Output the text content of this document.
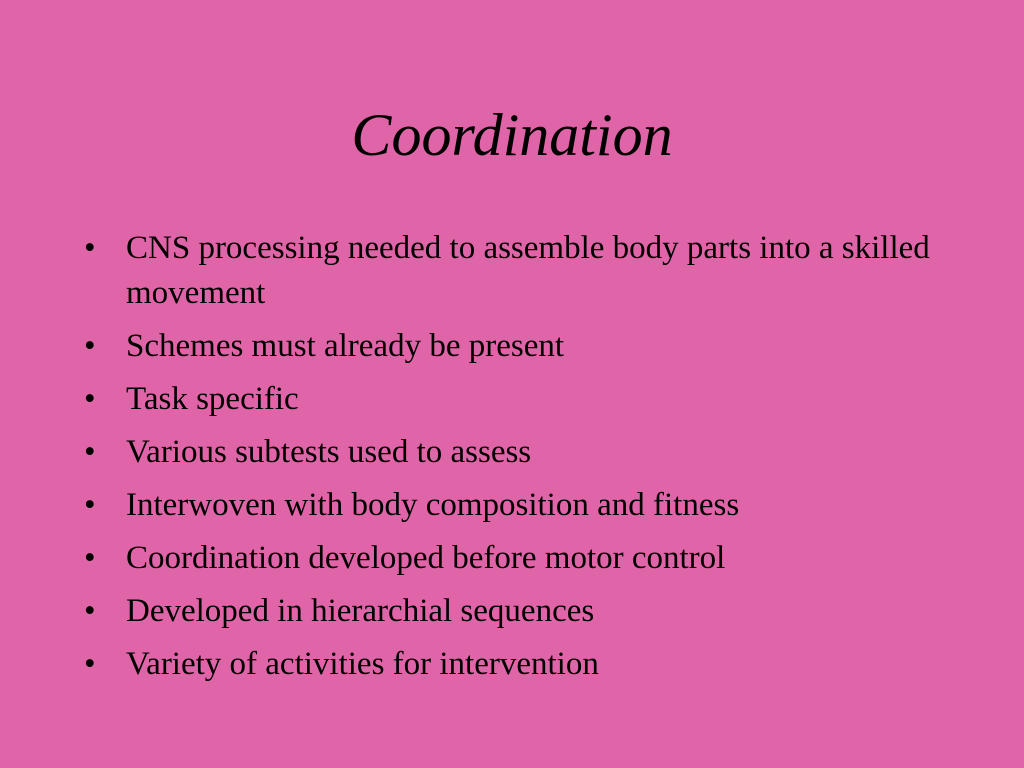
Coordination
• CNS processing needed to assemble body parts into a skilled movement
• Schemes must already be present
• Task specific
• Various subtests used to assess
• Interwoven with body composition and fitness
• Coordination developed before motor control
• Developed in hierarchial sequences
• Variety of activities for intervention
